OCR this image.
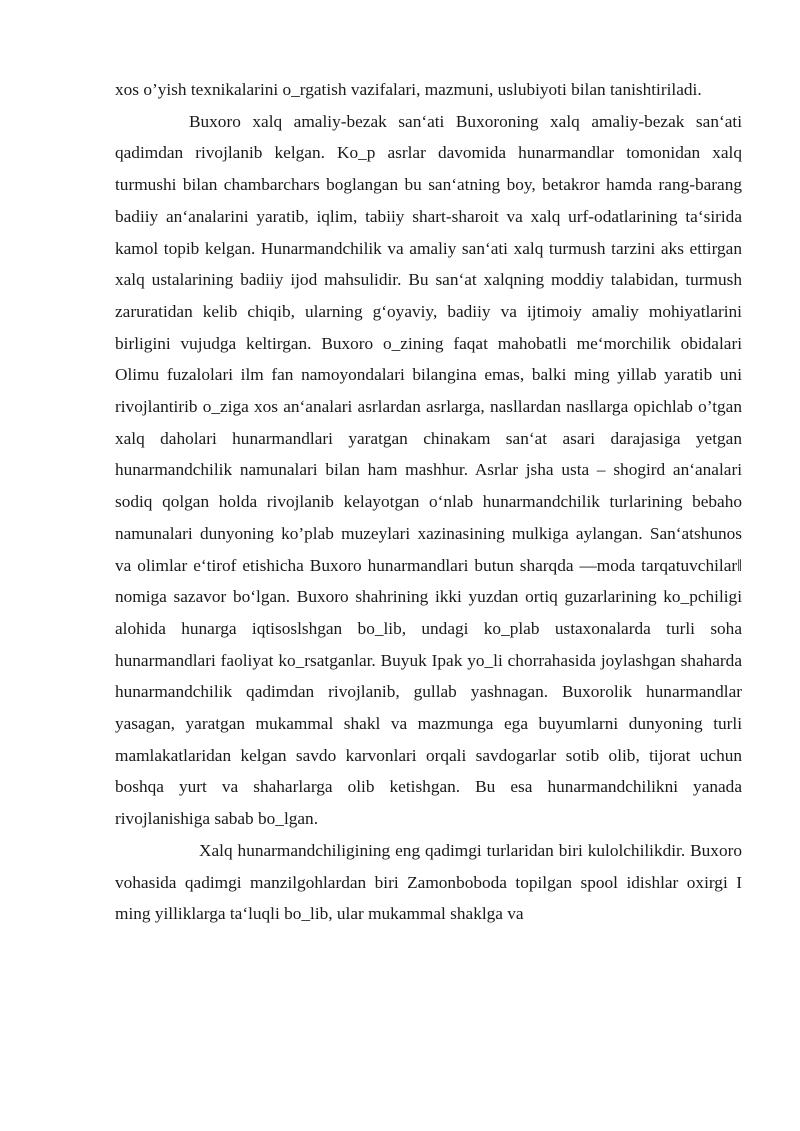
xos o’yish texnikalarini o_rgatish vazifalari, mazmuni, uslubiyoti bilan tanishtiriladi.

Buxoro xalq amaliy-bezak san‘ati Buxoroning xalq amaliy-bezak san‘ati qadimdan rivojlanib kelgan. Ko_p asrlar davomida hunarmandlar tomonidan xalq turmushi bilan chambarchars boglangan bu san‘atning boy, betakror hamda rang-barang badiiy an‘analarini yaratib, iqlim, tabiiy shart-sharoit va xalq urf-odatlarining ta‘sirida kamol topib kelgan. Hunarmandchilik va amaliy san‘ati xalq turmush tarzini aks ettirgan xalq ustalarining badiiy ijod mahsulidir. Bu san‘at xalqning moddiy talabidan, turmush zaruratidan kelib chiqib, ularning g‘oyaviy, badiiy va ijtimoiy amaliy mohiyatlarini birligini vujudga keltirgan. Buxoro o_zining faqat mahobatli me‘morchilik obidalari Olimu fuzalolari ilm fan namoyondalari bilangina emas, balki ming yillab yaratib uni rivojlantirib o_ziga xos an‘analari asrlardan asrlarga, nasllardan nasllarga opichlab o’tgan xalq daholari hunarmandlari yaratgan chinakam san‘at asari darajasiga yetgan hunarmandchilik namunalari bilan ham mashhur. Asrlar jsha usta – shogird an‘analari sodiq qolgan holda rivojlanib kelayotgan o‘nlab hunarmandchilik turlarining bebaho namunalari dunyoning ko’plab muzeylari xazinasining mulkiga aylangan. San‘atshunos va olimlar e‘tirof etishicha Buxoro hunarmandlari butun sharqda ―moda tarqatuvchilar‖ nomiga sazavor bo‘lgan. Buxoro shahrining ikki yuzdan ortiq guzarlarining ko_pchiligi alohida hunarga iqtisoslshgan bo_lib, undagi ko_plab ustaxonalarda turli soha hunarmandlari faoliyat ko_rsatganlar. Buyuk Ipak yo_li chorrahasida joylashgan shaharda hunarmandchilik qadimdan rivojlanib, gullab yashnagan. Buxorolik hunarmandlar yasagan, yaratgan mukammal shakl va mazmunga ega buyumlarni dunyoning turli mamlakatlaridan kelgan savdo karvonlari orqali savdogarlar sotib olib, tijorat uchun boshqa yurt va shaharlarga olib ketishgan. Bu esa hunarmandchilikni yanada rivojlanishiga sabab bo_lgan.

Xalq hunarmandchiligining eng qadimgi turlaridan biri kulolchilikdir. Buxoro vohasida qadimgi manzilgohlardan biri Zamonboboda topilgan spool idishlar oxirgi I ming yilliklarga ta‘luqli bo_lib, ular mukammal shaklga va
